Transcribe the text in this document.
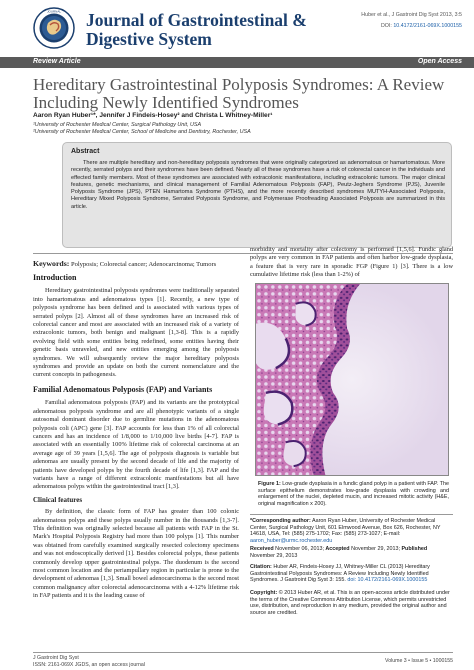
JOURNAL Journal of Gastrointestinal & Digestive System
Huber et al., J Gastroint Dig Syst 2013, 3:5
DOI: 10.4172/2161-069X.1000155
Review Article	Open Access
Hereditary Gastrointestinal Polyposis Syndromes: A Review Including Newly Identified Syndromes
Aaron Ryan Huber¹*, Jennifer J Findeis-Hosey² and Christa L Whitney-Miller¹
¹University of Rochester Medical Center, Surgical Pathology Unit, USA
²University of Rochester Medical Center, School of Medicine and Dentistry, Rochester, USA
Abstract

There are multiple hereditary and non-hereditary polyposis syndromes that were originally categorized as adenomatous or hamartomatous. More recently, serrated polyps and their syndromes have been defined. Nearly all of these syndromes have a risk of colorectal cancer in the individuals and effected family members. Most of these syndromes are associated with extracolonic manifestations, including extracolonic tumors. The major clinical features, genetic mechanisms, and clinical management of Familial Adenomatous Polyposis (FAP), Peutz-Jeghers Syndrome (PJS), Juvenile Polyposis Syndrome (JPS), PTEN Hamartoma Syndrome (PTHS), and the more recently described syndromes MUTYH-Associated Polyposis, Hereditary Mixed Polyposis Syndrome, Serrated Polyposis Syndrome, and Polymerase Proofreading Associated Polyposis are summarized in this article.

Keywords: Polyposis; Colorectal cancer; Adenocarcinoma; Tumors
Introduction

Hereditary gastrointestinal polyposis syndromes were traditionally separated into hamartomatous and adenomatous types [1]. Recently, a new type of polyposis syndrome has been defined and is associated with various types of serrated polyps [2]. Almost all of these syndromes have an increased risk of colorectal cancer and most are associated with an increased risk of a variety of extracolonic tumors, both benign and malignant [1,3-8]. This is a rapidly evolving field with some entities being redefined, some entities having their genetic basis unraveled, and new entities emerging among the polyposis syndromes. We will subsequently review the major hereditary polyposis syndromes and provide an update on both the current nomenclature and the current concepts in pathogenesis.

Familial Adenomatous Polyposis (FAP) and Variants

Familial adenomatous polyposis (FAP) and its variants are the prototypical adenomatous polyposis syndrome and are all phenotypic variants of a single autosomal dominant disorder due to germline mutations in the adenomatous polyposis coli (APC) gene [3]. FAP accounts for less than 1% of all colorectal cancers and has an incidence of 1/8,000 to 1/10,000 live births [4-7]. FAP is associated with an essentially 100% lifetime risk of colorectal carcinoma at an average age of 39 years [1,5,6]. The age of polyposis diagnosis is variable but adenomas are usually present by the second decade of life and the majority of patients have developed polyps by the fourth decade of life [1,3]. FAP and the variants have a range of different extracolonic manifestations but all have adenomatous polyps within the gastrointestinal tract [1,3].

Clinical features

By definition, the classic form of FAP has greater than 100 colonic adenomatous polyps and these polyps usually number in the thousands [1,3-7]. This definition was originally selected because all patients with FAP in the St. Mark's Hospital Polyposis Registry had more than 100 polyps [1]. This number was obtained from carefully examined surgically resected colectomy specimens and was not endoscopically derived [1]. Besides colorectal polyps, these patients commonly develop upper gastrointestinal polyps. The duodenum is the second most common location and the periampullary region in particular is prone to the development of adenomas [1,3]. Small bowel adenocarcinoma is the second most common malignancy after colorectal adenocarcinoma with a 4-12% lifetime risk in FAP patients and it is the leading cause of

morbidity and mortality after colectomy is performed [1,5,6]. Fundic gland polyps are very common in FAP patients and often harbor low-grade dysplasia, a feature that is very rare in sporadic FGP (Figure 1) [3]. There is a low cumulative lifetime risk (less than 1-2%) of

Figure 1: Low-grade dysplasia in a fundic gland polyp in a patient with FAP. The surface epithelium demonstrates low-grade dysplasia with crowding and enlargement of the nuclei, depleted mucin, and increased mitotic activity (H&E, original magnification x 200).
*Corresponding author: Aaron Ryan Huber, University of Rochester Medical Center, Surgical Pathology Unit, 601 Elmwood Avenue, Box 626, Rochester, NY 14618, USA, Tel: (585) 275-1702; Fax: (585) 273-1027; E-mail: aaron_huber@urmc.rochester.edu
Received November 06, 2013; Accepted November 29, 2013; Published November 29, 2013
Citation: Huber AR, Findeis-Hosey JJ, Whitney-Miller CL (2013) Hereditary Gastrointestinal Polyposis Syndromes: A Review Including Newly Identified Syndromes. J Gastroint Dig Syst 3: 155. doi: 10.4172/2161-069X.1000155
Copyright: © 2013 Huber AR, et al. This is an open-access article distributed under the terms of the Creative Commons Attribution License, which permits unrestricted use, distribution, and reproduction in any medium, provided the original author and source are credited.
J Gastroint Dig Syst
ISSN: 2161-069X JGDS, an open access journal
Volume 3 • Issue 5 • 1000155
